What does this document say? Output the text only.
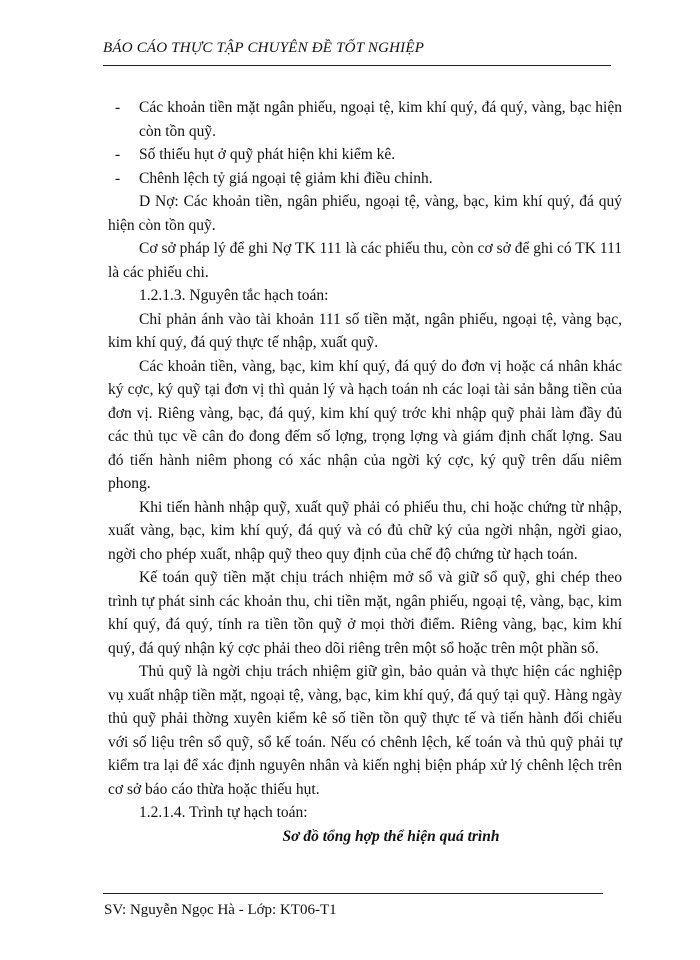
BÁO CÁO THỰC TẬP CHUYÊN ĐỀ TỐT NGHIỆP

- Các khoản tiền mặt ngân phiếu, ngoại tệ, kim khí quý, đá quý, vàng, bạc hiện còn tồn quỹ.

- Số thiếu hụt ở quỹ phát hiện khi kiểm kê.

- Chênh lệch tỷ giá ngoại tệ giảm khi điều chỉnh.

D Nợ: Các khoản tiền, ngân phiếu, ngoại tệ, vàng, bạc, kim khí quý, đá quý hiện còn tồn quỹ.

Cơ sở pháp lý để ghi Nợ TK 111 là các phiếu thu, còn cơ sở để ghi có TK 111 là các phiếu chi.

1.2.1.3. Nguyên tắc hạch toán:

Chỉ phản ánh vào tài khoản 111 số tiền mặt, ngân phiếu, ngoại tệ, vàng bạc, kim khí quý, đá quý thực tế nhập, xuất quỹ.

Các khoản tiền, vàng, bạc, kim khí quý, đá quý do đơn vị hoặc cá nhân khác ký cợc, ký quỹ tại đơn vị thì quản lý và hạch toán nh các loại tài sản bằng tiền của đơn vị. Riêng vàng, bạc, đá quý, kim khí quý trớc khi nhập quỹ phải làm đầy đủ các thủ tục về cân đo đong đếm số lợng, trọng lợng và giám định chất lợng. Sau đó tiến hành niêm phong có xác nhận của ngời ký cợc, ký quỹ trên dấu niêm phong.

Khi tiến hành nhập quỹ, xuất quỹ phải có phiếu thu, chi hoặc chứng từ nhập, xuất vàng, bạc, kim khí quý, đá quý và có đủ chữ ký của ngời nhận, ngời giao, ngời cho phép xuất, nhập quỹ theo quy định của chế độ chứng từ hạch toán.

Kế toán quỹ tiền mặt chịu trách nhiệm mở sổ và giữ sổ quỹ, ghi chép theo trình tự phát sinh các khoản thu, chi tiền mặt, ngân phiếu, ngoại tệ, vàng, bạc, kim khí quý, đá quý, tính ra tiền tồn quỹ ở mọi thời điểm. Riêng vàng, bạc, kim khí quý, đá quý nhận ký cợc phải theo dõi riêng trên một sổ hoặc trên một phần sổ.

Thủ quỹ là ngời chịu trách nhiệm giữ gìn, bảo quản và thực hiện các nghiệp vụ xuất nhập tiền mặt, ngoại tệ, vàng, bạc, kim khí quý, đá quý tại quỹ. Hàng ngày thủ quỹ phải thờng xuyên kiểm kê số tiền tồn quỹ thực tế và tiến hành đối chiếu với số liệu trên sổ quỹ, sổ kế toán. Nếu có chênh lệch, kế toán và thủ quỹ phải tự kiểm tra lại để xác định nguyên nhân và kiến nghị biện pháp xử lý chênh lệch trên cơ sở báo cáo thừa hoặc thiếu hụt.

1.2.1.4. Trình tự hạch toán:

Sơ đồ tổng hợp thể hiện quá trình

SV: Nguyễn Ngọc Hà - Lớp: KT06-T1
